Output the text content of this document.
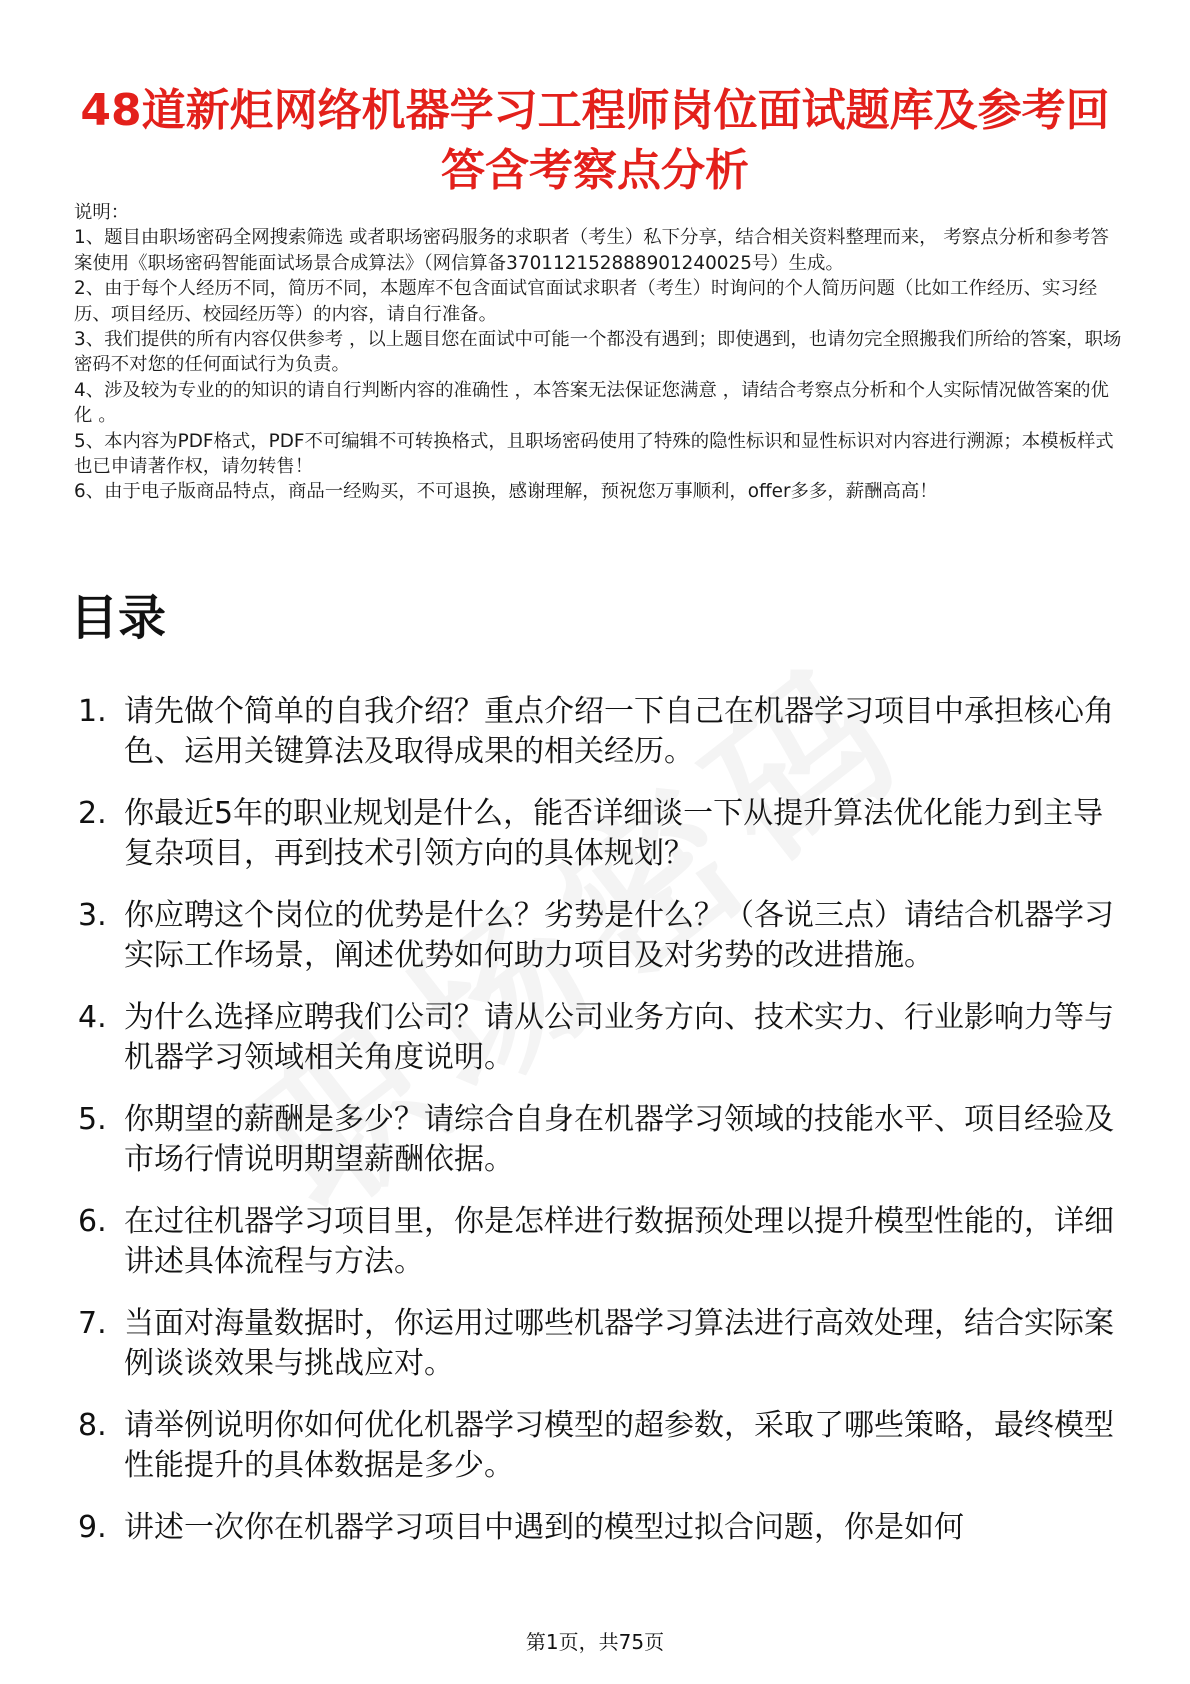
48道新炬网络机器学习工程师岗位面试题库及参考回答含考察点分析

说明：

1、题目由职场密码全网搜索筛选 或者职场密码服务的求职者（考生）私下分享，结合相关资料整理而来， 考察点分析和参考答案使用《职场密码智能面试场景合成算法》（网信算备370112152888901240025号）生成。

2、由于每个人经历不同，简历不同，本题库不包含面试官面试求职者（考生）时询问的个人简历问题（比如工作经历、实习经历、项目经历、校园经历等）的内容，请自行准备。

3、我们提供的所有内容仅供参考 ，以上题目您在面试中可能一个都没有遇到；即使遇到，也请勿完全照搬我们所给的答案，职场密码不对您的任何面试行为负责。

4、涉及较为专业的的知识的请自行判断内容的准确性 ，本答案无法保证您满意 ，请结合考察点分析和个人实际情况做答案的优化 。

5、本内容为PDF格式，PDF不可编辑不可转换格式，且职场密码使用了特殊的隐性标识和显性标识对内容进行溯源；本模板样式也已申请著作权，请勿转售！

6、由于电子版商品特点，商品一经购买，不可退换，感谢理解，预祝您万事顺利，offer多多，薪酬高高！

目录
1. 请先做个简单的自我介绍？重点介绍一下自己在机器学习项目中承担核心角色、运用关键算法及取得成果的相关经历。
2. 你最近5年的职业规划是什么，能否详细谈一下从提升算法优化能力到主导复杂项目，再到技术引领方向的具体规划？
3. 你应聘这个岗位的优势是什么？劣势是什么？（各说三点）请结合机器学习实际工作场景，阐述优势如何助力项目及对劣势的改进措施。
4. 为什么选择应聘我们公司？请从公司业务方向、技术实力、行业影响力等与机器学习领域相关角度说明。
5. 你期望的薪酬是多少？请综合自身在机器学习领域的技能水平、项目经验及市场行情说明期望薪酬依据。
6. 在过往机器学习项目里，你是怎样进行数据预处理以提升模型性能的，详细讲述具体流程与方法。
7. 当面对海量数据时，你运用过哪些机器学习算法进行高效处理，结合实际案例谈谈效果与挑战应对。
8. 请举例说明你如何优化机器学习模型的超参数，采取了哪些策略，最终模型性能提升的具体数据是多少。
9. 讲述一次你在机器学习项目中遇到的模型过拟合问题，你是如何
第1页，共75页
